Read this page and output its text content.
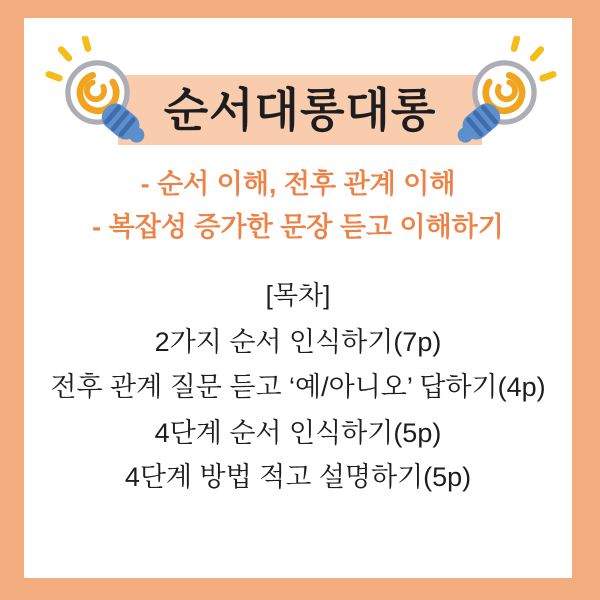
순서대롱대롱
- 순서 이해, 전후 관계 이해
- 복잡성 증가한 문장 듣고 이해하기
[목차]
2가지 순서 인식하기(7p)
전후 관계 질문 듣고 ‘예/아니오’ 답하기(4p)
4단계 순서 인식하기(5p)
4단계 방법 적고 설명하기(5p)
